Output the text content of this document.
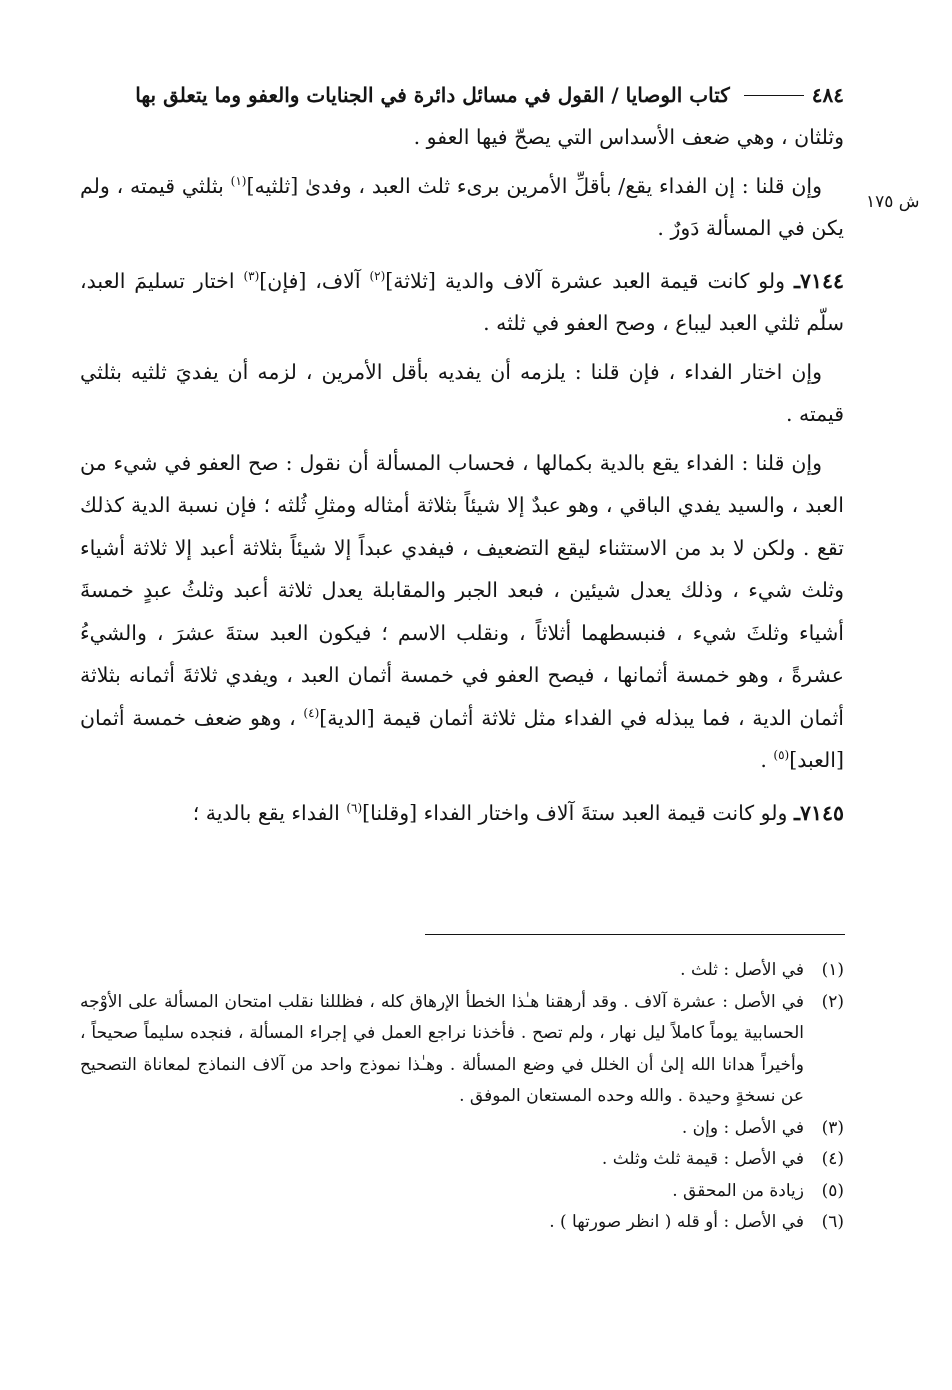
٤٨٤
كتاب الوصايا / القول في مسائل دائرة في الجنايات والعفو وما يتعلق بها

وثلثان ، وهي ضعف الأسداس التي يصحّ فيها العفو .

وإن قلنا : إن الفداء يقع/ بأقلِّ الأمرين برىء ثلث العبد ، وفدىٰ [ثلثيه]$^{(١)}$ بثلثي قيمته ، ولم يكن في المسألة دَورٌ .

٧١٤٤ـ ولو كانت قيمة العبد عشرة آلاف والدية [ثلاثة]$^{(٢)}$ آلاف، [فإن]$^{(٣)}$ اختار تسليمَ العبد، سلّم ثلثي العبد ليباع ، وصح العفو في ثلثه .

وإن اختار الفداء ، فإن قلنا : يلزمه أن يفديه بأقل الأمرين ، لزمه أن يفديَ ثلثيه بثلثي قيمته .

وإن قلنا : الفداء يقع بالدية بكمالها ، فحساب المسألة أن نقول : صح العفو في شيء من العبد ، والسيد يفدي الباقي ، وهو عبدٌ إلا شيئاً بثلاثة أمثاله ومثلِ ثُلثه ؛ فإن نسبة الدية كذلك تقع . ولكن لا بد من الاستثناء ليقع التضعيف ، فيفدي عبداً إلا شيئاً بثلاثة أعبد إلا ثلاثة أشياء وثلث شيء ، وذلك يعدل شيئين ، فبعد الجبر والمقابلة يعدل ثلاثة أعبد وثلثُ عبدٍ خمسةَ أشياء وثلثَ شيء ، فنبسطهما أثلاثاً ، ونقلب الاسم ؛ فيكون العبد ستةَ عشرَ ، والشيءُ عشرةً ، وهو خمسة أثمانها ، فيصح العفو في خمسة أثمان العبد ، ويفدي ثلاثةَ أثمانه بثلاثة أثمان الدية ، فما يبذله في الفداء مثل ثلاثة أثمان قيمة [الدية]$^{(٤)}$ ، وهو ضعف خمسة أثمان [العبد]$^{(٥)}$ .

٧١٤٥ـ ولو كانت قيمة العبد ستةَ آلاف واختار الفداء [وقلنا]$^{(٦)}$ الفداء يقع بالدية ؛

ش ١٧٥
(١)
في الأصل : ثلث .
(٢)
في الأصل : عشرة آلاف . وقد أرهقنا هـٰذا الخطأ الإرهاق كله ، فظللنا نقلب امتحان المسألة على الأوْجه الحسابية يوماً كاملاً ليل نهار ، ولم تصح . فأخذنا نراجع العمل في إجراء المسألة ، فنجده سليماً صحيحاً ، وأخيراً هدانا الله إلىٰ أن الخلل في وضع المسألة . وهـٰذا نموذج واحد من آلاف النماذج لمعاناة التصحيح عن نسخةٍ وحيدة . والله وحده المستعان الموفق .
(٣)
في الأصل : وإن .
(٤)
في الأصل : قيمة ثلث وثلث .
(٥)
زيادة من المحقق .
(٦)
في الأصل : أو قله ( انظر صورتها ) .
